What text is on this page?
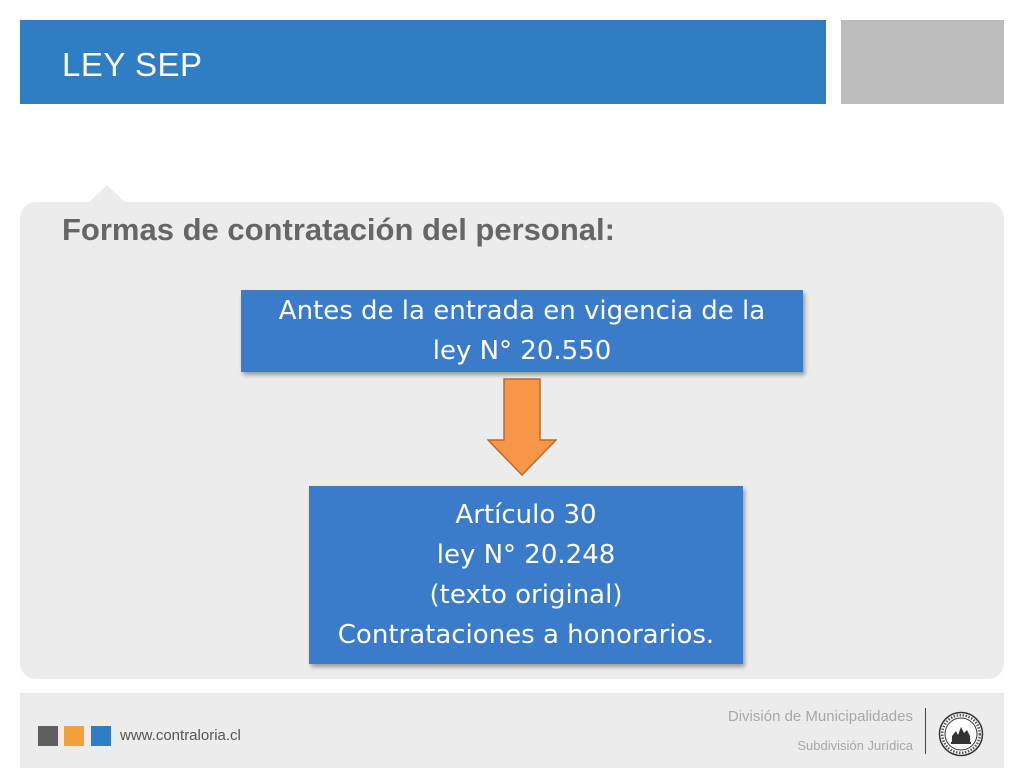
LEY SEP
Formas de contratación del personal:
Antes de la entrada en vigencia de la
ley N° 20.550
Artículo 30
ley N° 20.248
(texto original)
Contrataciones a honorarios.
www.contraloria.cl
División de Municipalidades
Subdivisión Jurídica
